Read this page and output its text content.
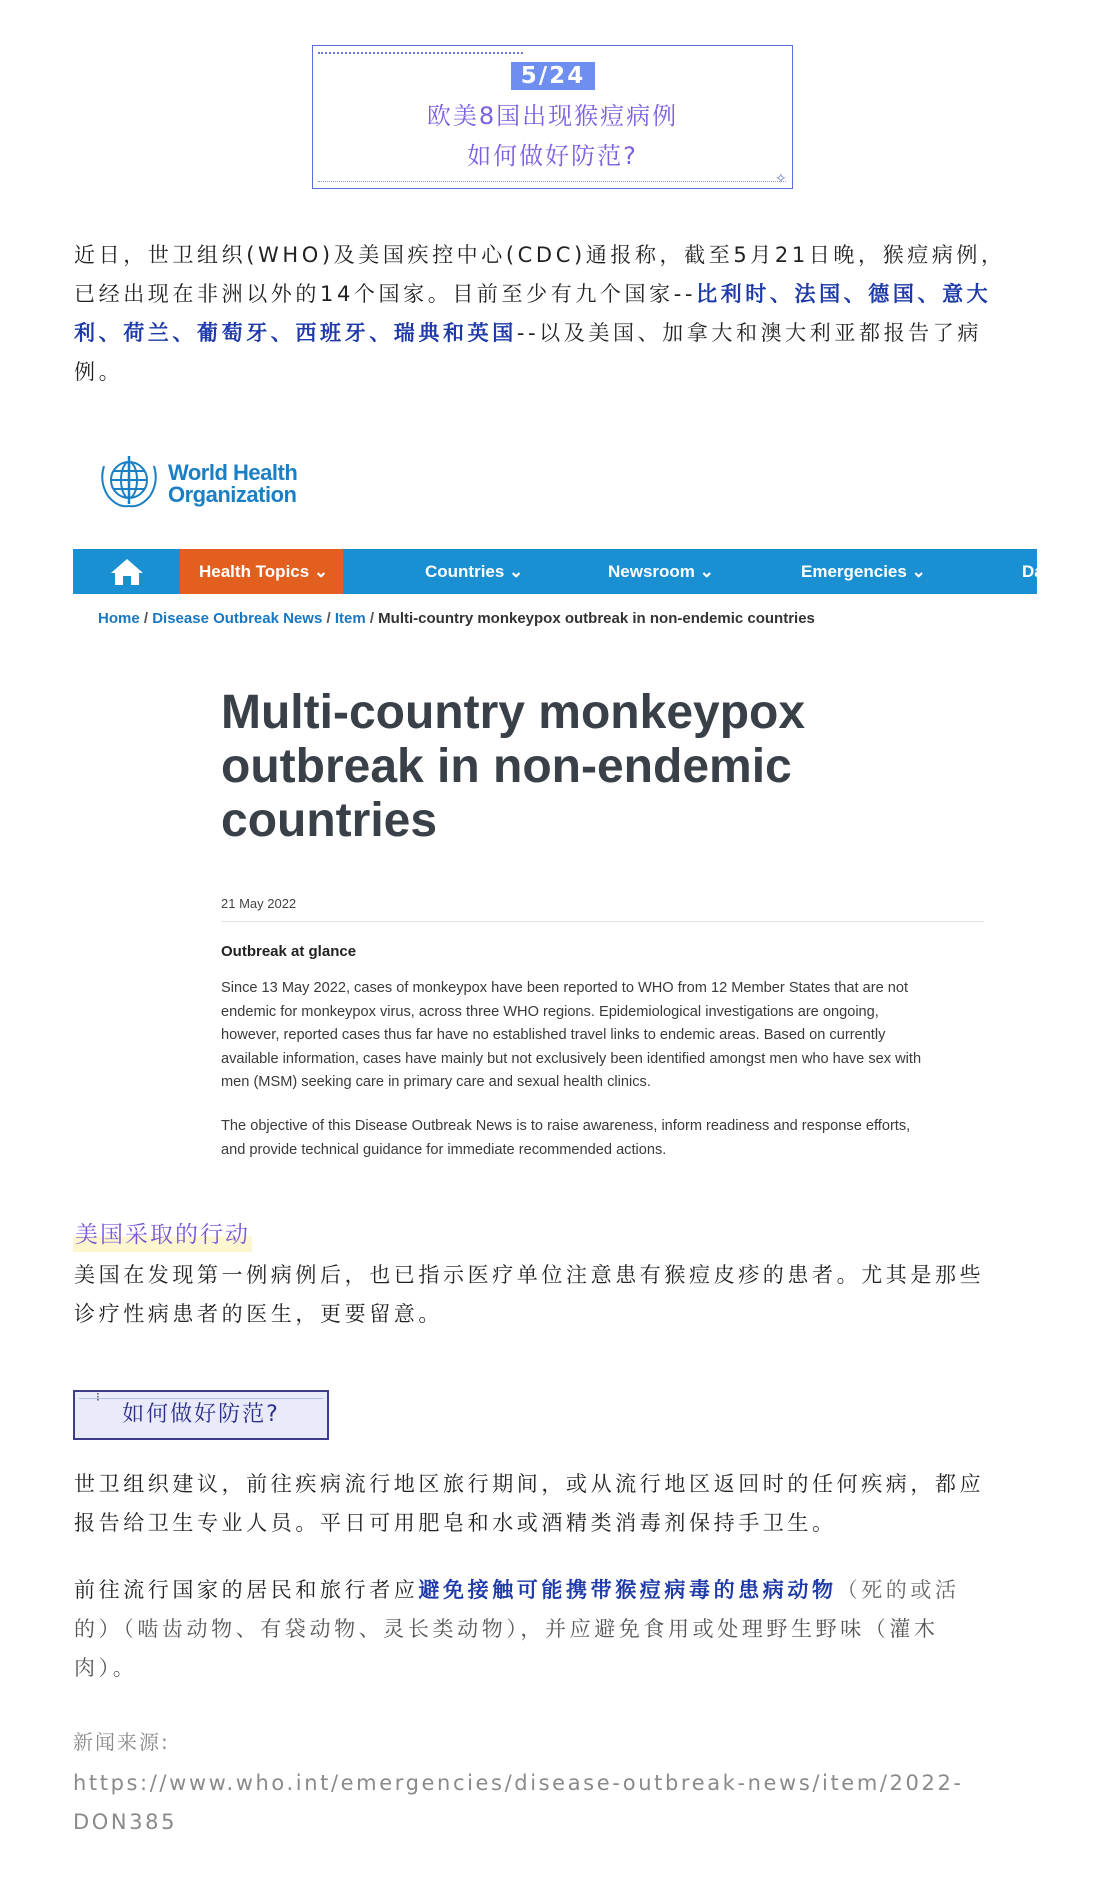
✧
5/24
欧美8国出现猴痘病例
如何做好防范?
近日，世卫组织(WHO)及美国疾控中心(CDC)通报称，截至5月21日晚，猴痘病例，
已经出现在非洲以外的14个国家。目前至少有九个国家--比利时、法国、德国、意大
利、荷兰、葡萄牙、西班牙、瑞典和英国--以及美国、加拿大和澳大利亚都报告了病
例。
World Health
Organization
Health Topics ⌄	Countries ⌄	Newsroom ⌄	Emergencies ⌄	Da
Home / Disease Outbreak News / Item / Multi-country monkeypox outbreak in non-endemic countries
Multi-country monkeypox
outbreak in non-endemic
countries
21 May 2022
Outbreak at glance
Since 13 May 2022, cases of monkeypox have been reported to WHO from 12 Member States that are not
endemic for monkeypox virus, across three WHO regions. Epidemiological investigations are ongoing,
however, reported cases thus far have no established travel links to endemic areas. Based on currently
available information, cases have mainly but not exclusively been identified amongst men who have sex with
men (MSM) seeking care in primary care and sexual health clinics.
The objective of this Disease Outbreak News is to raise awareness, inform readiness and response efforts,
and provide technical guidance for immediate recommended actions.
美国采取的行动
美国在发现第一例病例后，也已指示医疗单位注意患有猴痘皮疹的患者。尤其是那些
诊疗性病患者的医生，更要留意。
如何做好防范?
⁝
世卫组织建议，前往疾病流行地区旅行期间，或从流行地区返回时的任何疾病，都应
报告给卫生专业人员。平日可用肥皂和水或酒精类消毒剂保持手卫生。
前往流行国家的居民和旅行者应避免接触可能携带猴痘病毒的患病动物（死的或活
的）（啮齿动物、有袋动物、灵长类动物），并应避免食用或处理野生野味（灌木
肉）。
新闻来源:
https://www.who.int/emergencies/disease-outbreak-news/item/2022-
DON385
